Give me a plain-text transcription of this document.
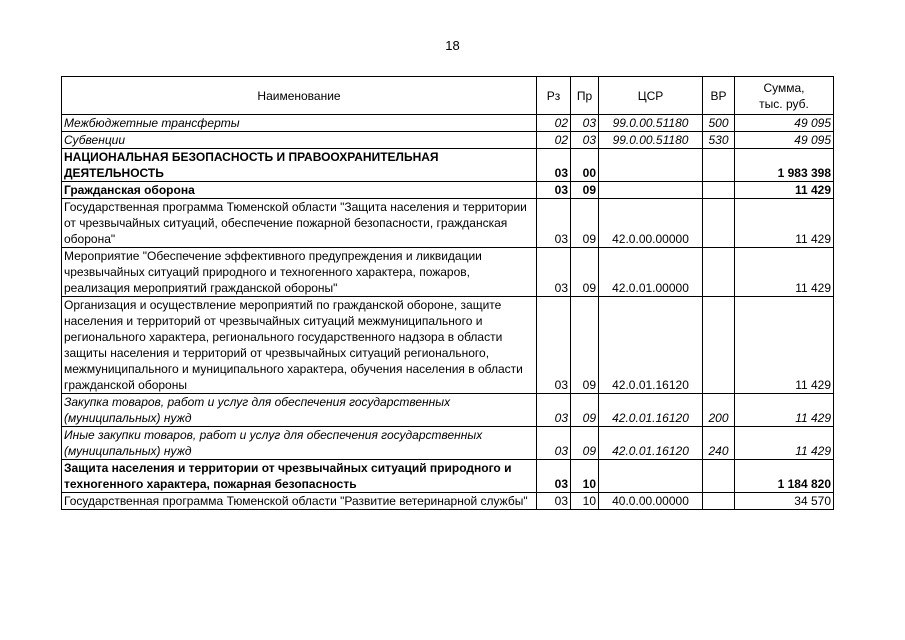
18
Наименование	Рз	Пр	ЦСР	ВР	Сумма,
тыс. руб.

Межбюджетные трансферты	02	03	99.0.00.51180	500	49 095
Субвенции	02	03	99.0.00.51180	530	49 095
НАЦИОНАЛЬНАЯ БЕЗОПАСНОСТЬ И ПРАВООХРАНИТЕЛЬНАЯ ДЕЯТЕЛЬНОСТЬ	03	00			1 983 398
Гражданская оборона	03	09			11 429
Государственная программа Тюменской области "Защита населения и территории от чрезвычайных ситуаций, обеспечение пожарной безопасности, гражданская оборона"	03	09	42.0.00.00000		11 429
Мероприятие "Обеспечение эффективного предупреждения и ликвидации чрезвычайных ситуаций природного и техногенного характера, пожаров, реализация мероприятий гражданской обороны"	03	09	42.0.01.00000		11 429
Организация и осуществление мероприятий по гражданской обороне, защите населения и территорий от чрезвычайных ситуаций межмуниципального и регионального характера, регионального государственного надзора в области защиты населения и территорий от чрезвычайных ситуаций регионального, межмуниципального и муниципального характера, обучения населения в области гражданской обороны	03	09	42.0.01.16120		11 429
Закупка товаров, работ и услуг для обеспечения государственных (муниципальных) нужд	03	09	42.0.01.16120	200	11 429
Иные закупки товаров, работ и услуг для обеспечения государственных (муниципальных) нужд	03	09	42.0.01.16120	240	11 429
Защита населения и территории от чрезвычайных ситуаций природного и техногенного характера, пожарная безопасность	03	10			1 184 820
Государственная программа Тюменской области "Развитие ветеринарной службы"	03	10	40.0.00.00000		34 570
